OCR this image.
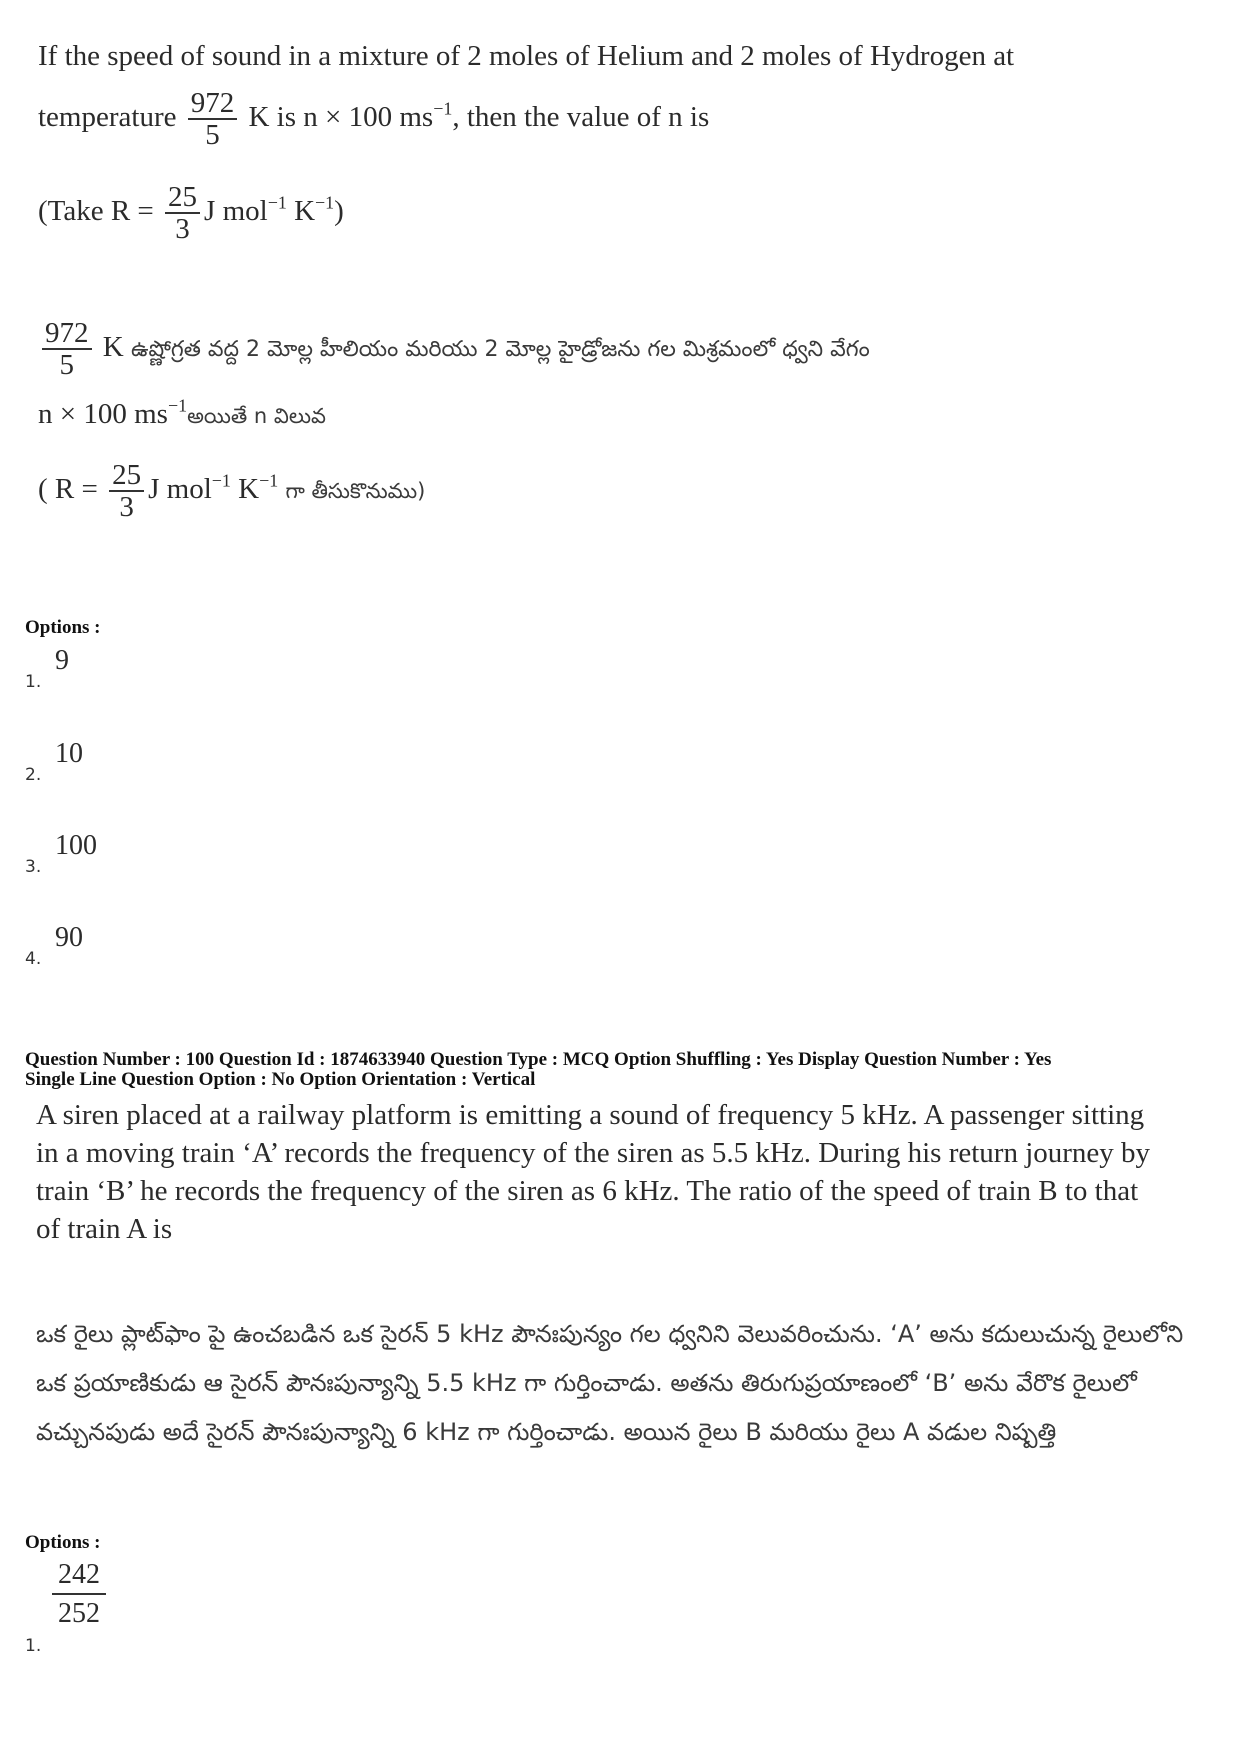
If the speed of sound in a mixture of 2 moles of Helium and 2 moles of Hydrogen at
temperature $\frac{972}{5}$ K is n × 100 $ms^{-1}$, then the value of n is
(Take $R = \frac{25}{3}$ J mol$^{-1}$ $K^{-1}$)
$\frac{972}{5}$ K ఉష్ణోగ్రత వద్ద 2 మోల్ల హీలియం మరియు 2 మోల్ల హైడ్రోజను గల మిశ్రమంలో ధ్వని వేగం
n × 100 $ms^{-1}అయితే$ n విలువ
( $R = \frac{25}{3}$ J mol$^{-1}$ $K^{-1}$ గా తీసుకొనుము)
Options :
1.
9
2.
10
3.
100
4.
90
Question Number : 100 Question Id : 1874633940 Question Type : MCQ Option Shuffling : Yes Display Question Number : Yes
Single Line Question Option : No Option Orientation : Vertical
A siren placed at a railway platform is emitting a sound of frequency 5 kHz. A passenger sitting in a moving train ‘A’ records the frequency of the siren as 5.5 kHz. During his return journey by train ‘B’ he records the frequency of the siren as 6 kHz. The ratio of the speed of train B to that of train A is
ఒక రైలు ప్లాట్‌ఫాం పై ఉంచబడిన ఒక సైరన్ 5 kHz పౌనఃపున్యం గల ధ్వనిని వెలువరించును. ‘A’ అను కదులుచున్న రైలులోని ఒక ప్రయాణికుడు ఆ సైరన్ పౌనఃపున్యాన్ని 5.5 kHz గా గుర్తించాడు. అతను తిరుగుప్రయాణంలో ‘B’ అను వేరొక రైలులో వచ్చునపుడు అదే సైరన్ పౌనఃపున్యాన్ని 6 kHz గా గుర్తించాడు. అయిన రైలు B మరియు రైలు A వడుల నిష్పత్తి
Options :
1.
$\frac{242}{252}$
